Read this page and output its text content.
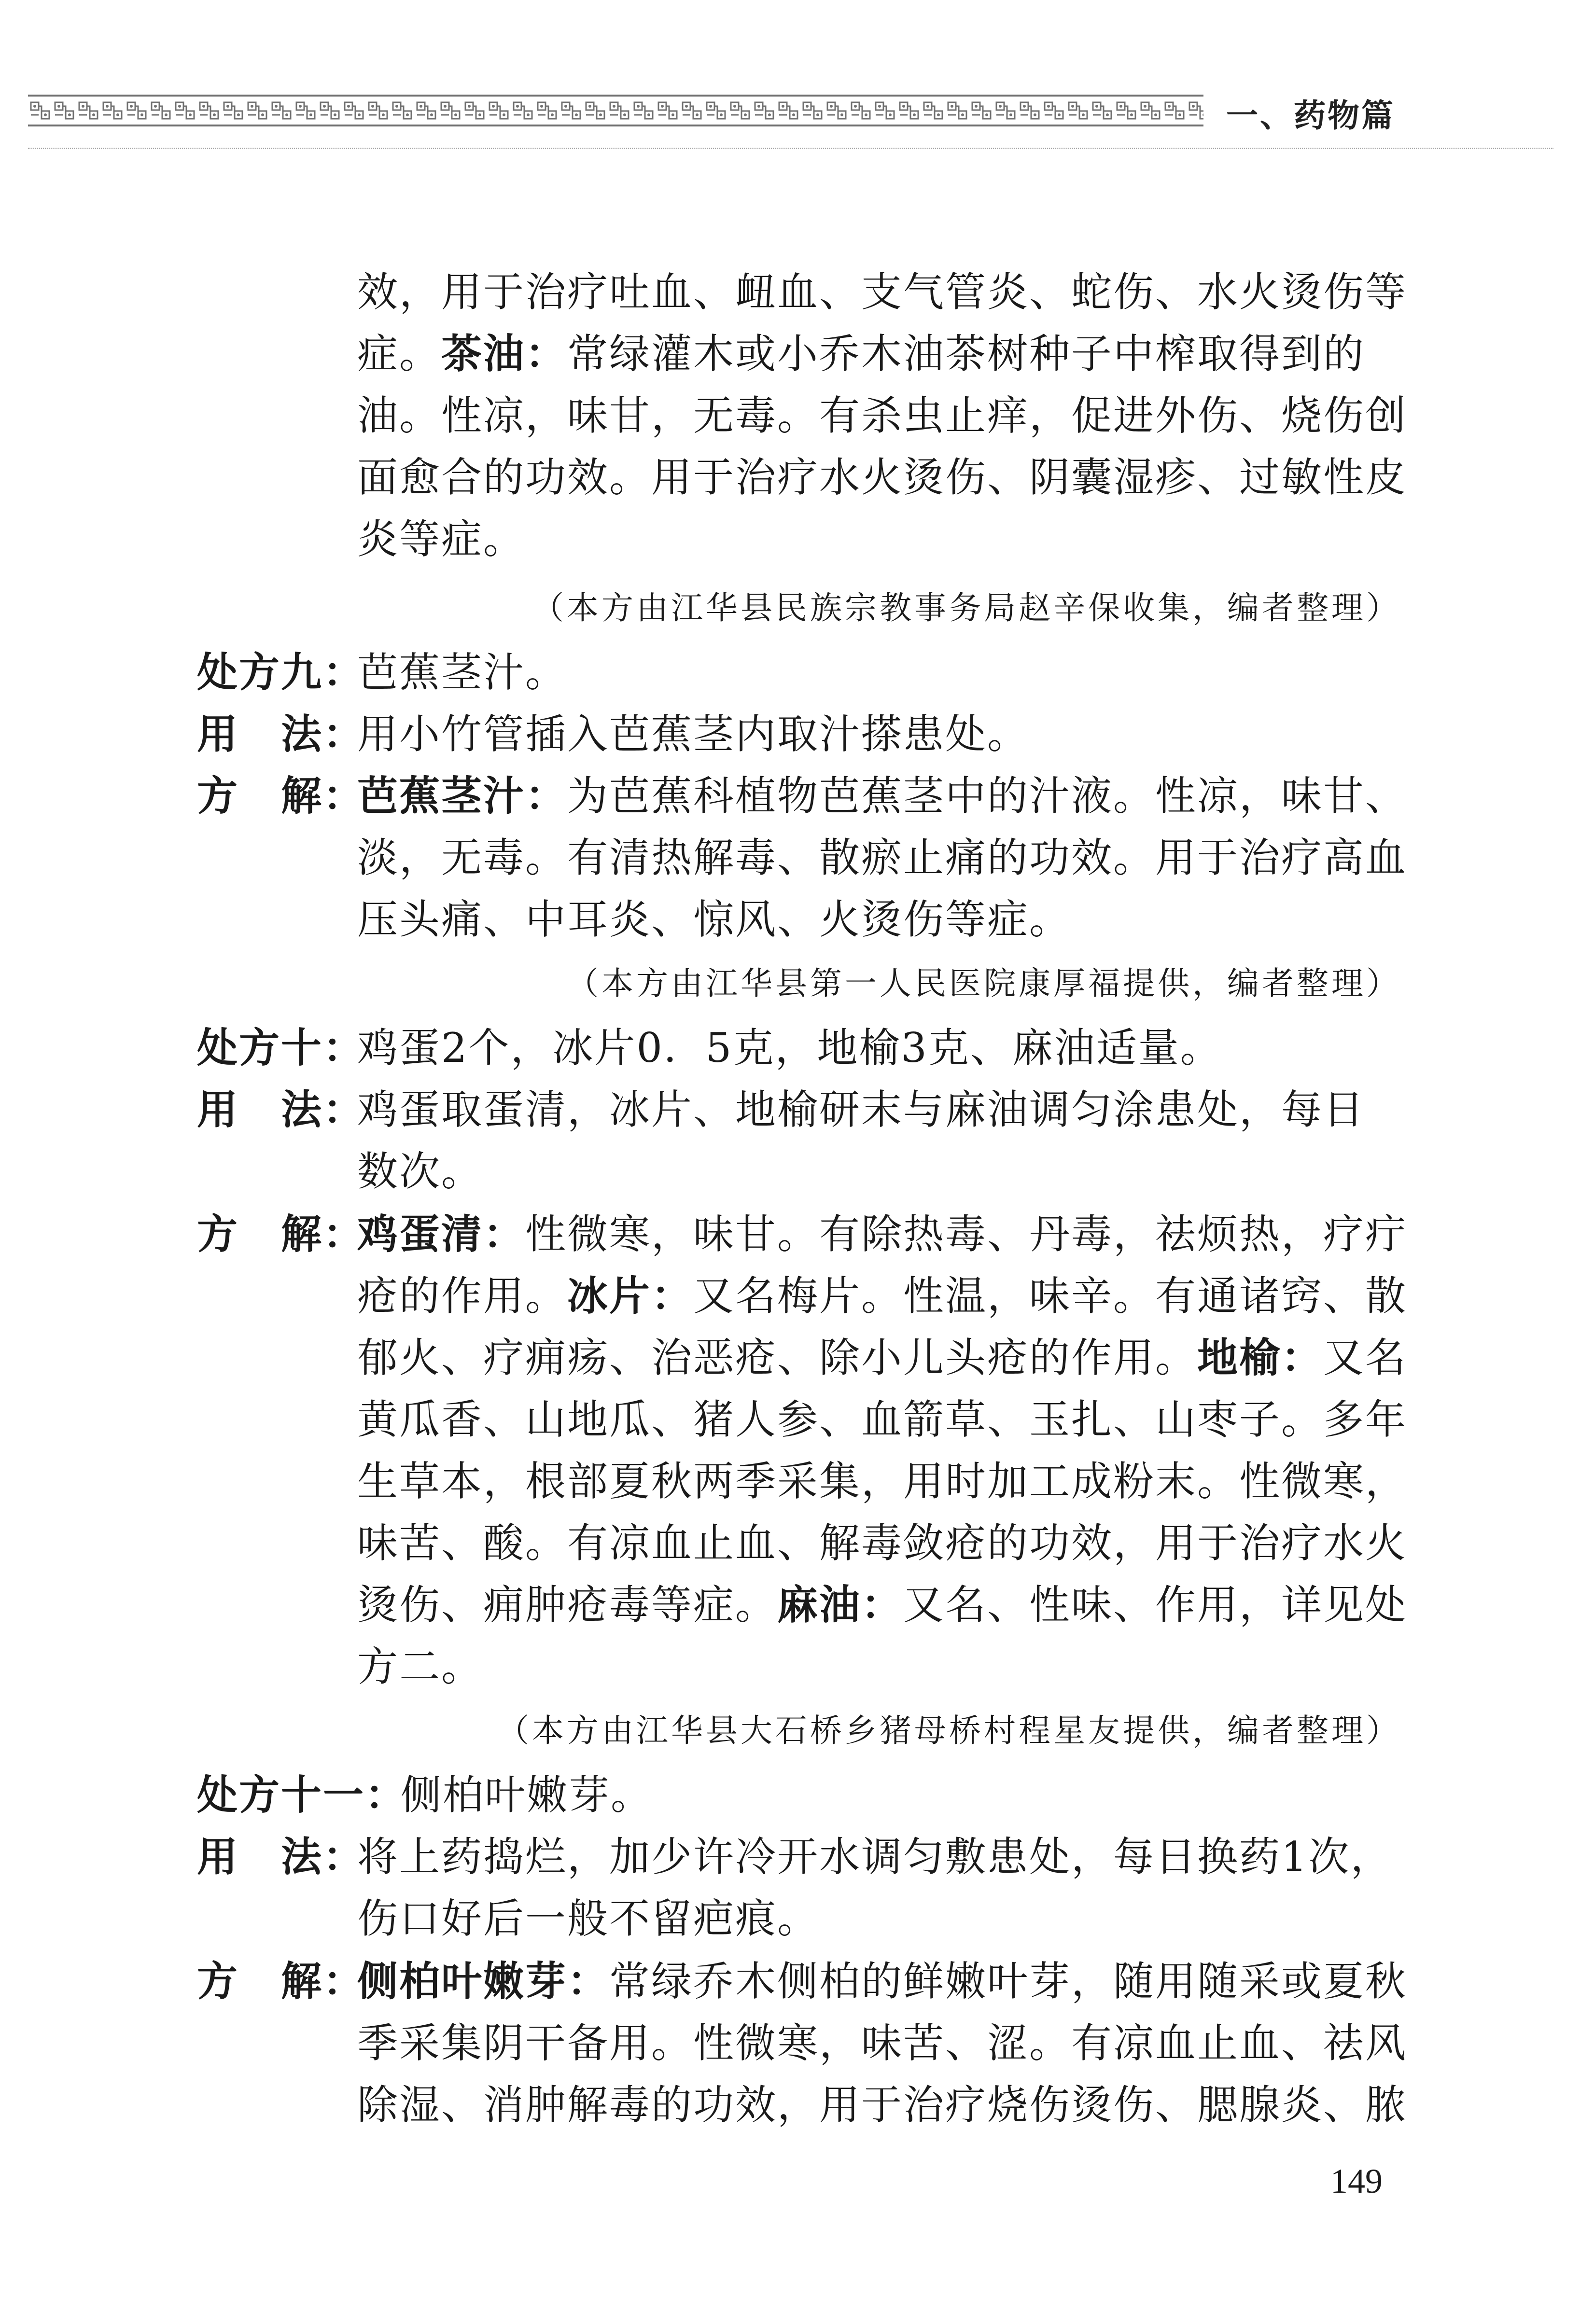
一、药物篇
效，用于治疗吐血、衄血、支气管炎、蛇伤、水火烫伤等
症。茶油：常绿灌木或小乔木油茶树种子中榨取得到的
油。性凉，味甘，无毒。有杀虫止痒，促进外伤、烧伤创
面愈合的功效。用于治疗水火烫伤、阴囊湿疹、过敏性皮
炎等症。
（本方由江华县民族宗教事务局赵辛保收集，编者整理）
处方九：
芭蕉茎汁。
用　法：
用小竹管插入芭蕉茎内取汁搽患处。
方　解：
芭蕉茎汁：为芭蕉科植物芭蕉茎中的汁液。性凉，味甘、
淡，无毒。有清热解毒、散瘀止痛的功效。用于治疗高血
压头痛、中耳炎、惊风、火烫伤等症。
（本方由江华县第一人民医院康厚福提供，编者整理）
处方十：
鸡蛋2个，冰片0．5克，地榆3克、麻油适量。
用　法：
鸡蛋取蛋清，冰片、地榆研末与麻油调匀涂患处，每日
数次。
方　解：
鸡蛋清：性微寒，味甘。有除热毒、丹毒，祛烦热，疗疔
疮的作用。冰片：又名梅片。性温，味辛。有通诸窍、散
郁火、疗痈疡、治恶疮、除小儿头疮的作用。地榆：又名
黄瓜香、山地瓜、猪人参、血箭草、玉扎、山枣子。多年
生草本，根部夏秋两季采集，用时加工成粉末。性微寒，
味苦、酸。有凉血止血、解毒敛疮的功效，用于治疗水火
烫伤、痈肿疮毒等症。麻油：又名、性味、作用，详见处
方二。
（本方由江华县大石桥乡猪母桥村程星友提供，编者整理）
处方十一：
侧柏叶嫩芽。
用　法：
将上药捣烂，加少许冷开水调匀敷患处，每日换药1次，
伤口好后一般不留疤痕。
方　解：
侧柏叶嫩芽：常绿乔木侧柏的鲜嫩叶芽，随用随采或夏秋
季采集阴干备用。性微寒，味苦、涩。有凉血止血、祛风
除湿、消肿解毒的功效，用于治疗烧伤烫伤、腮腺炎、脓
149
